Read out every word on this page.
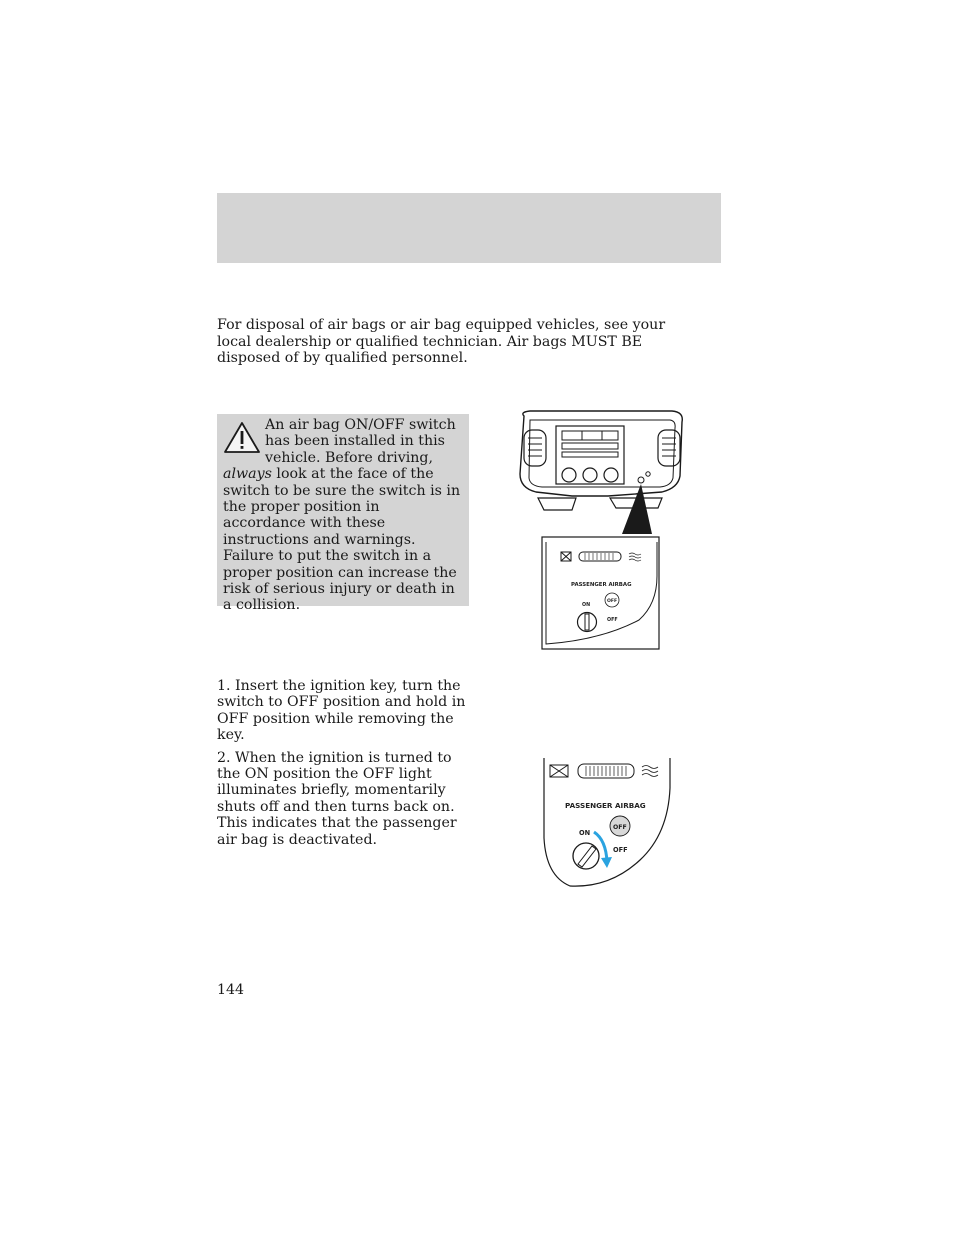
For disposal of air bags or air bag equipped vehicles, see your local dealership or qualified technician. Air bags MUST BE disposed of by qualified personnel.

An air bag ON/OFF switch has been installed in this vehicle. Before driving, always look at the face of the switch to be sure the switch is in the proper position in accordance with these instructions and warnings. Failure to put the switch in a proper position can increase the risk of serious injury or death in a collision.
PASSENGER AIRBAG
OFF
ON
OFF
PASSENGER AIRBAG
OFF
ON
OFF

1. Insert the ignition key, turn the switch to OFF position and hold in OFF position while removing the key.

2. When the ignition is turned to the ON position the OFF light illuminates briefly, momentarily shuts off and then turns back on. This indicates that the passenger air bag is deactivated.

144
